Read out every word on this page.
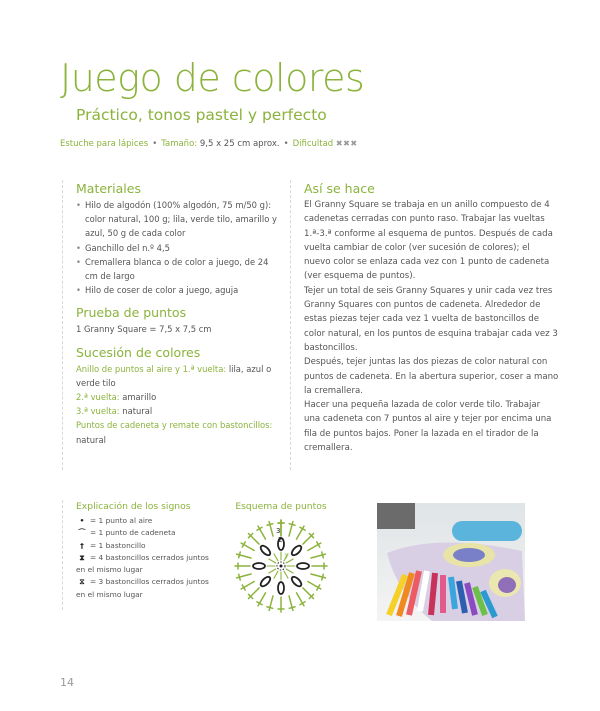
Juego de colores
Práctico, tonos pastel y perfecto
Estuche para lápices • Tamaño: 9,5 x 25 cm aprox. • Dificultad ✖✖✖
Materiales
• Hilo de algodón (100% algodón, 75 m/50 g): color natural, 100 g; lila, verde tilo, amarillo y azul, 50 g de cada color
• Ganchillo del n.º 4,5
• Cremallera blanca o de color a juego, de 24 cm de largo
• Hilo de coser de color a juego, aguja
Prueba de puntos
1 Granny Square = 7,5 x 7,5 cm
Sucesión de colores
Anillo de puntos al aire y 1.ª vuelta: lila, azul o verde tilo
2.ª vuelta: amarillo
3.ª vuelta: natural
Puntos de cadeneta y remate con bastoncillos:
natural
Así se hace

El Granny Square se trabaja en un anillo compuesto de 4 cadenetas cerradas con punto raso. Trabajar las vueltas 1.ª-3.ª conforme al esquema de puntos. Después de cada vuelta cambiar de color (ver sucesión de colores); el nuevo color se enlaza cada vez con 1 punto de cadeneta (ver esquema de puntos).

Tejer un total de seis Granny Squares y unir cada vez tres Granny Squares con puntos de cadeneta. Alrededor de estas piezas tejer cada vez 1 vuelta de bastoncillos de color natural, en los puntos de esquina trabajar cada vez 3 bastoncillos.

Después, tejer juntas las dos piezas de color natural con puntos de cadeneta. En la abertura superior, coser a mano la cremallera.

Hacer una pequeña lazada de color verde tilo. Trabajar una cadeneta con 7 puntos al aire y tejer por encima una fila de puntos bajos. Poner la lazada en el tirador de la cremallera.

Explicación de los signos
• = 1 punto al aire
⌒ = 1 punto de cadeneta
† = 1 bastoncillo
⧗ = 4 bastoncillos cerrados juntos
en el mismo lugar
⧖ = 3 bastoncillos cerrados juntos
en el mismo lugar
Esquema de puntos
3
2
1
14
